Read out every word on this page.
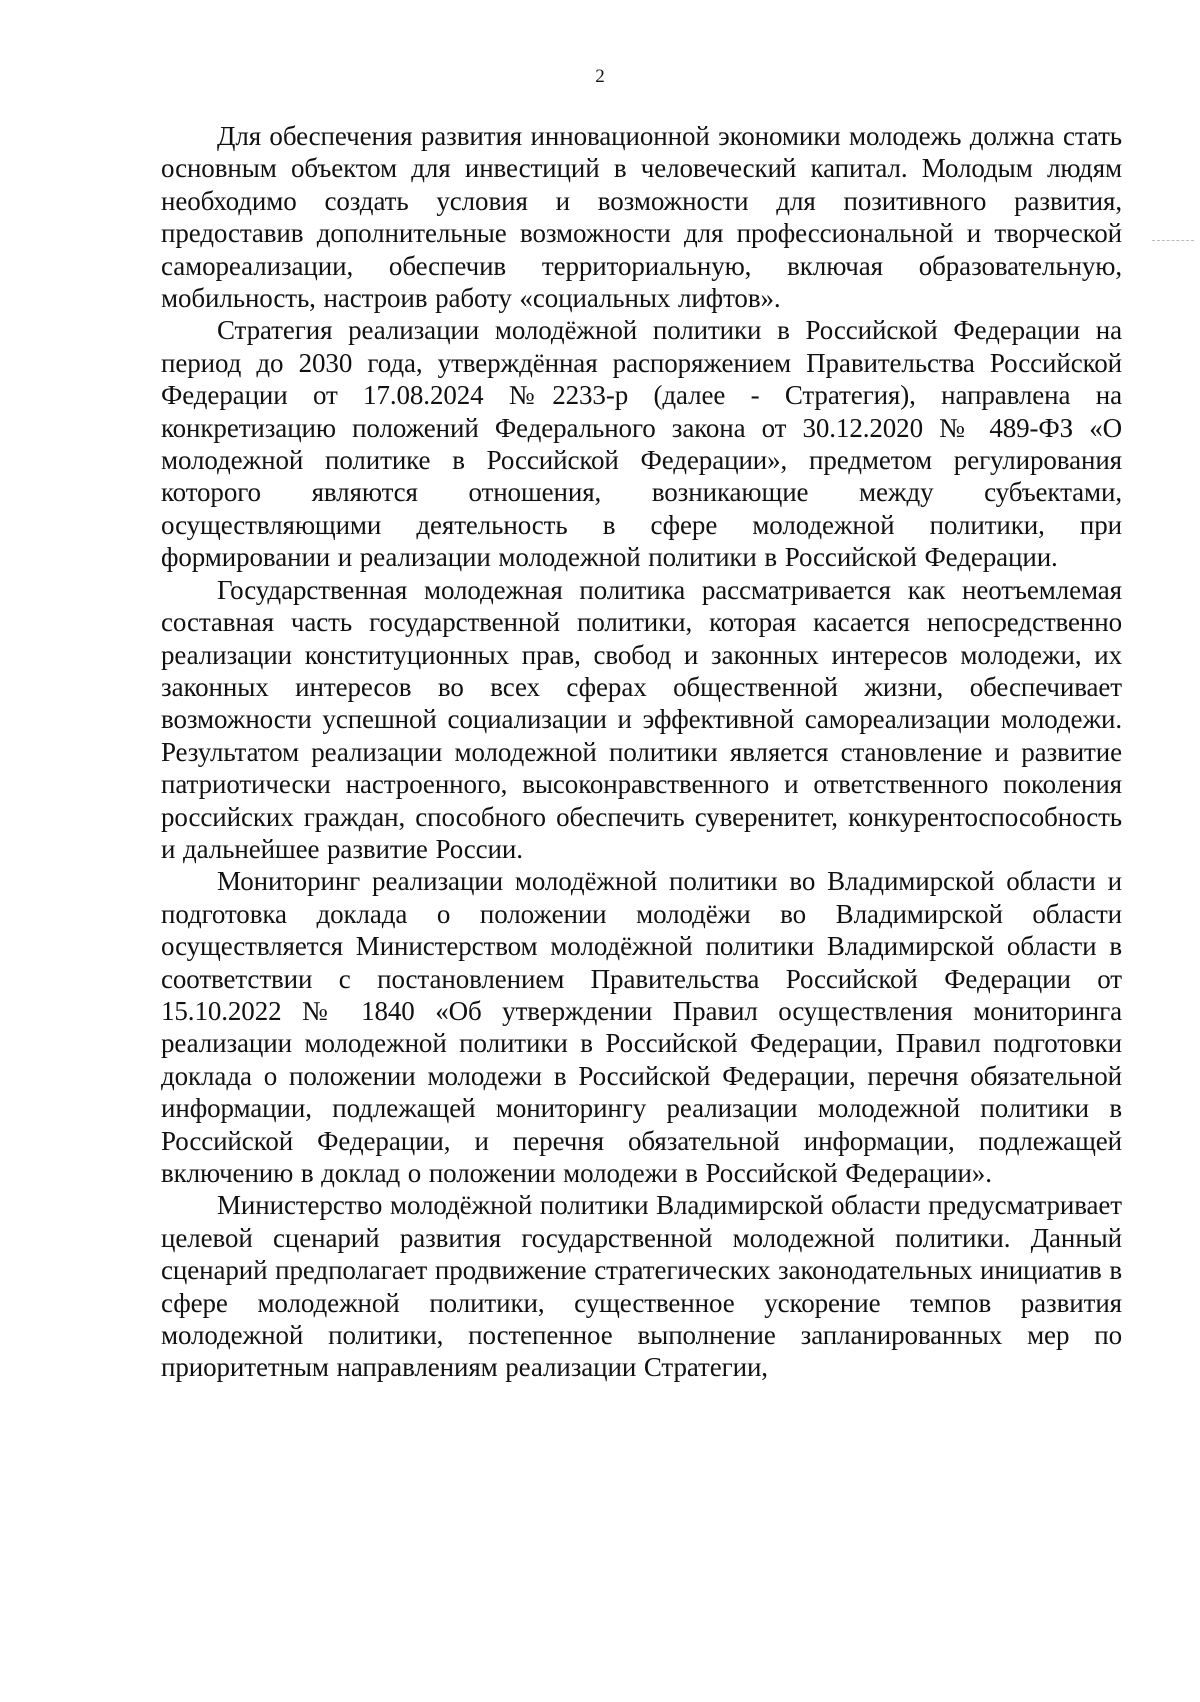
2

Для обеспечения развития инновационной экономики молодежь должна стать основным объектом для инвестиций в человеческий капитал. Молодым людям необходимо создать условия и возможности для позитивного развития, предоставив дополнительные возможности для профессиональной и творческой самореализации, обеспечив территориальную, включая образовательную, мобильность, настроив работу «социальных лифтов».

Стратегия реализации молодёжной политики в Российской Федерации на период до 2030 года, утверждённая распоряжением Правительства Российской Федерации от 17.08.2024 №2233-р (далее - Стратегия), направлена на конкретизацию положений Федерального закона от 30.12.2020 № 489-ФЗ «О молодежной политике в Российской Федерации», предметом регулирования которого являются отношения, возникающие между субъектами, осуществляющими деятельность в сфере молодежной политики, при формировании и реализации молодежной политики в Российской Федерации.

Государственная молодежная политика рассматривается как неотъемлемая составная часть государственной политики, которая касается непосредственно реализации конституционных прав, свобод и законных интересов молодежи, их законных интересов во всех сферах общественной жизни, обеспечивает возможности успешной социализации и эффективной самореализации молодежи. Результатом реализации молодежной политики является становление и развитие патриотически настроенного, высоконравственного и ответственного поколения российских граждан, способного обеспечить суверенитет, конкурентоспособность и дальнейшее развитие России.

Мониторинг реализации молодёжной политики во Владимирской области и подготовка доклада о положении молодёжи во Владимирской области осуществляется Министерством молодёжной политики Владимирской области в соответствии с постановлением Правительства Российской Федерации от 15.10.2022 № 1840 «Об утверждении Правил осуществления мониторинга реализации молодежной политики в Российской Федерации, Правил подготовки доклада о положении молодежи в Российской Федерации, перечня обязательной информации, подлежащей мониторингу реализации молодежной политики в Российской Федерации, и перечня обязательной информации, подлежащей включению в доклад о положении молодежи в Российской Федерации».

Министерство молодёжной политики Владимирской области предусматривает целевой сценарий развития государственной молодежной политики. Данный сценарий предполагает продвижение стратегических законодательных инициатив в сфере молодежной политики, существенное ускорение темпов развития молодежной политики, постепенное выполнение запланированных мер по приоритетным направлениям реализации Стратегии,
